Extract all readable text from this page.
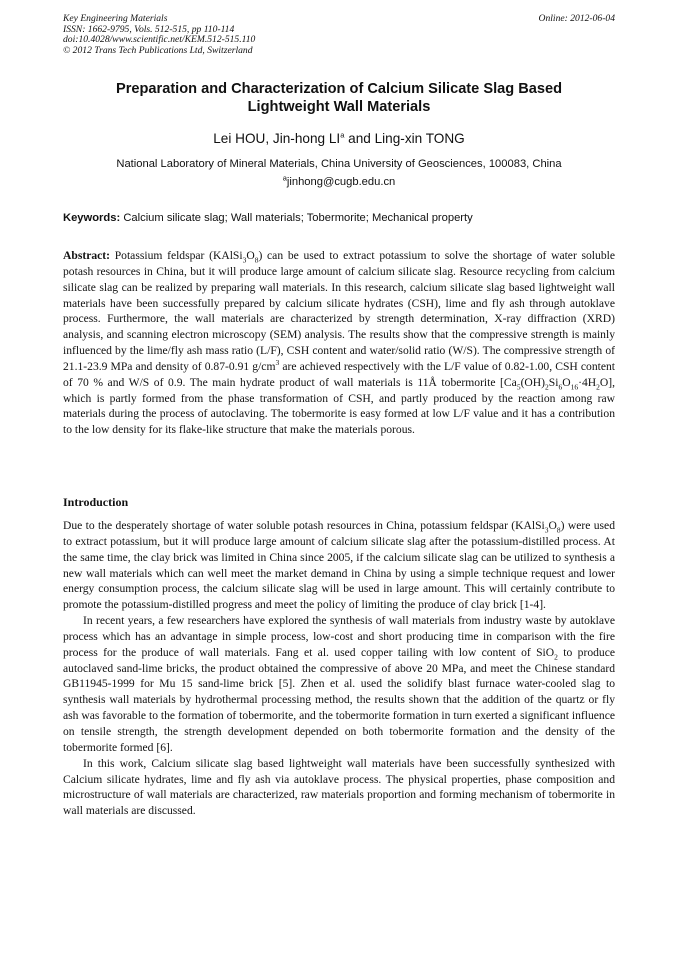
Key Engineering Materials
ISSN: 1662-9795, Vols. 512-515, pp 110-114
doi:10.4028/www.scientific.net/KEM.512-515.110
© 2012 Trans Tech Publications Ltd, Switzerland
Online: 2012-06-04
Preparation and Characterization of Calcium Silicate Slag Based
Lightweight Wall Materials
Lei HOU, Jin-hong $LI^a$ and Ling-xin TONG
National Laboratory of Mineral Materials, China University of Geosciences, 100083, China
$^a$jinhong@cugb.edu.cn
Keywords: Calcium silicate slag; Wall materials; Tobermorite; Mechanical property
Abstract: Potassium feldspar $(KAlSi_3O_8)$ can be used to extract potassium to solve the shortage of water soluble potash resources in China, but it will produce large amount of calcium silicate slag. Resource recycling from calcium silicate slag can be realized by preparing wall materials. In this research, calcium silicate slag based lightweight wall materials have been successfully prepared by calcium silicate hydrates (CSH), lime and fly ash through autoklave process. Furthermore, the wall materials are characterized by strength determination, X-ray diffraction (XRD) analysis, and scanning electron microscopy (SEM) analysis. The results show that the compressive strength is mainly influenced by the lime/fly ash mass ratio (L/F), CSH content and water/solid ratio (W/S). The compressive strength of 21.1-23.9 MPa and density of 0.87-0.91 $g/cm^3$ are achieved respectively with the L/F value of 0.82-1.00, CSH content of 70 % and W/S of 0.9. The main hydrate product of wall materials is 11Å tobermorite $[Ca_5(OH)_2Si_6O_{16}\cdot 4H_2O]$, which is partly formed from the phase transformation of CSH, and partly produced by the reaction among raw materials during the process of autoclaving. The tobermorite is easy formed at low L/F value and it has a contribution to the low density for its flake-like structure that make the materials porous.
Introduction

Due to the desperately shortage of water soluble potash resources in China, potassium feldspar $(KAlSi_3O_8)$ were used to extract potassium, but it will produce large amount of calcium silicate slag after the potassium-distilled process. At the same time, the clay brick was limited in China since 2005, if the calcium silicate slag can be utilized to synthesis a new wall materials which can well meet the market demand in China by using a simple technique request and lower energy consumption process, the calcium silicate slag will be used in large amount. This will certainly contribute to promote the potassium-distilled progress and meet the policy of limiting the produce of clay brick [1-4].

In recent years, a few researchers have explored the synthesis of wall materials from industry waste by autoklave process which has an advantage in simple process, low-cost and short producing time in comparison with the fire process for the produce of wall materials. Fang et al. used copper tailing with low content of SiO$_2$ to produce autoclaved sand-lime bricks, the product obtained the compressive of above 20 MPa, and meet the Chinese standard GB11945-1999 for Mu 15 sand-lime brick [5]. Zhen et al. used the solidify blast furnace water-cooled slag to synthesis wall materials by hydrothermal processing method, the results shown that the addition of the quartz or fly ash was favorable to the formation of tobermorite, and the tobermorite formation in turn exerted a significant influence on tensile strength, the strength development depended on both tobermorite formation and the density of the tobermorite formed [6].

In this work, Calcium silicate slag based lightweight wall materials have been successfully synthesized with Calcium silicate hydrates, lime and fly ash via autoklave process. The physical properties, phase composition and microstructure of wall materials are characterized, raw materials proportion and forming mechanism of tobermorite in wall materials are discussed.
